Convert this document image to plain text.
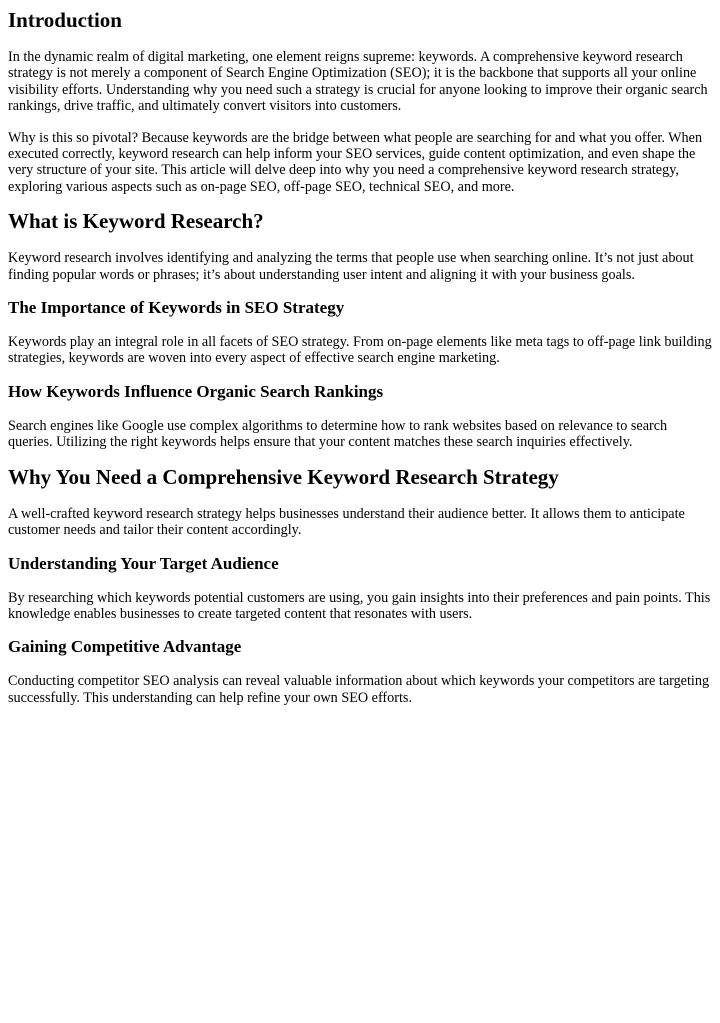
Introduction

In the dynamic realm of digital marketing, one element reigns supreme: keywords. A comprehensive keyword research strategy is not merely a component of Search Engine Optimization (SEO); it is the backbone that supports all your online visibility efforts. Understanding why you need such a strategy is crucial for anyone looking to improve their organic search rankings, drive traffic, and ultimately convert visitors into customers.

Why is this so pivotal? Because keywords are the bridge between what people are searching for and what you offer. When executed correctly, keyword research can help inform your SEO services, guide content optimization, and even shape the very structure of your site. This article will delve deep into why you need a comprehensive keyword research strategy, exploring various aspects such as on-page SEO, off-page SEO, technical SEO, and more.

What is Keyword Research?

Keyword research involves identifying and analyzing the terms that people use when searching online. It’s not just about finding popular words or phrases; it’s about understanding user intent and aligning it with your business goals.

The Importance of Keywords in SEO Strategy

Keywords play an integral role in all facets of SEO strategy. From on-page elements like meta tags to off-page link building strategies, keywords are woven into every aspect of effective search engine marketing.

How Keywords Influence Organic Search Rankings

Search engines like Google use complex algorithms to determine how to rank websites based on relevance to search queries. Utilizing the right keywords helps ensure that your content matches these search inquiries effectively.

Why You Need a Comprehensive Keyword Research Strategy

A well-crafted keyword research strategy helps businesses understand their audience better. It allows them to anticipate customer needs and tailor their content accordingly.

Understanding Your Target Audience

By researching which keywords potential customers are using, you gain insights into their preferences and pain points. This knowledge enables businesses to create targeted content that resonates with users.

Gaining Competitive Advantage

Conducting competitor SEO analysis can reveal valuable information about which keywords your competitors are targeting successfully. This understanding can help refine your own SEO efforts.
